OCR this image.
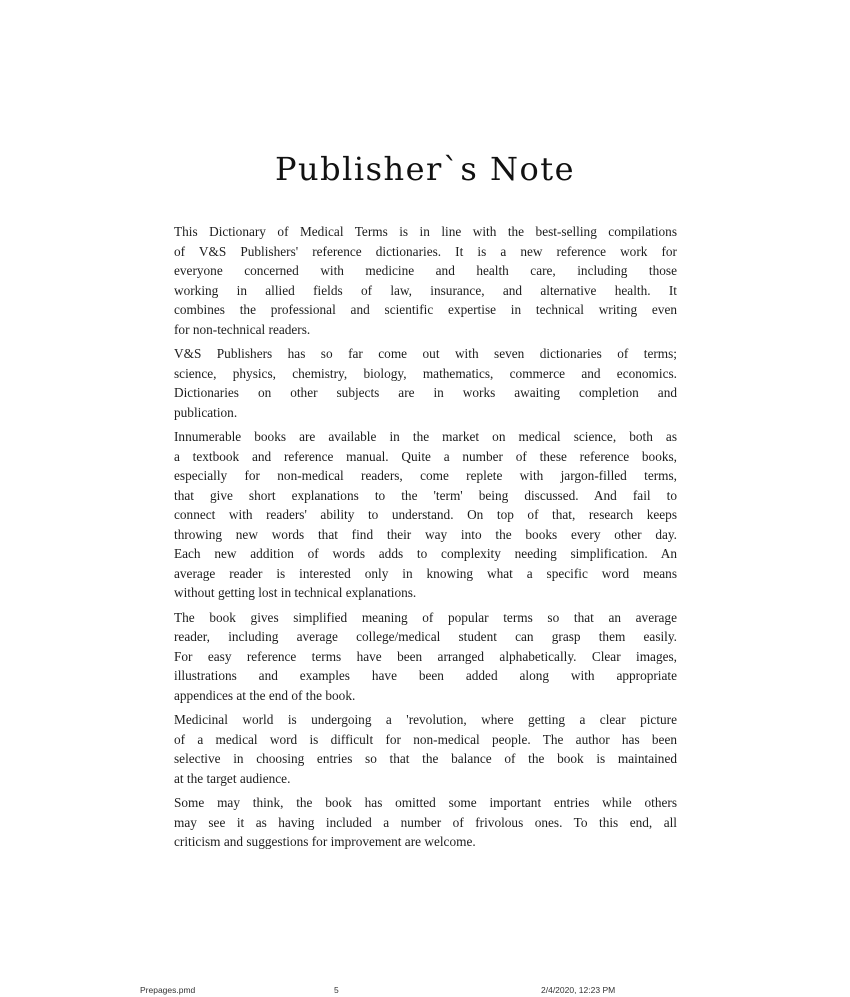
Publisher`s Note

This Dictionary of Medical Terms is in line with the best-selling compilations
of V&S Publishers' reference dictionaries. It is a new reference work for
everyone concerned with medicine and health care, including those
working in allied fields of law, insurance, and alternative health. It
combines the professional and scientific expertise in technical writing even
for non-technical readers.

V&S Publishers has so far come out with seven dictionaries of terms;
science, physics, chemistry, biology, mathematics, commerce and economics.
Dictionaries on other subjects are in works awaiting completion and
publication.

Innumerable books are available in the market on medical science, both as
a textbook and reference manual. Quite a number of these reference books,
especially for non-medical readers, come replete with jargon-filled terms,
that give short explanations to the 'term' being discussed. And fail to
connect with readers' ability to understand. On top of that, research keeps
throwing new words that find their way into the books every other day.
Each new addition of words adds to complexity needing simplification. An
average reader is interested only in knowing what a specific word means
without getting lost in technical explanations.

The book gives simplified meaning of popular terms so that an average
reader, including average college/medical student can grasp them easily.
For easy reference terms have been arranged alphabetically. Clear images,
illustrations and examples have been added along with appropriate
appendices at the end of the book.

Medicinal world is undergoing a 'revolution, where getting a clear picture
of a medical word is difficult for non-medical people. The author has been
selective in choosing entries so that the balance of the book is maintained
at the target audience.

Some may think, the book has omitted some important entries while others
may see it as having included a number of frivolous ones. To this end, all
criticism and suggestions for improvement are welcome.

Prepages.pmd	5	2/4/2020, 12:23 PM
